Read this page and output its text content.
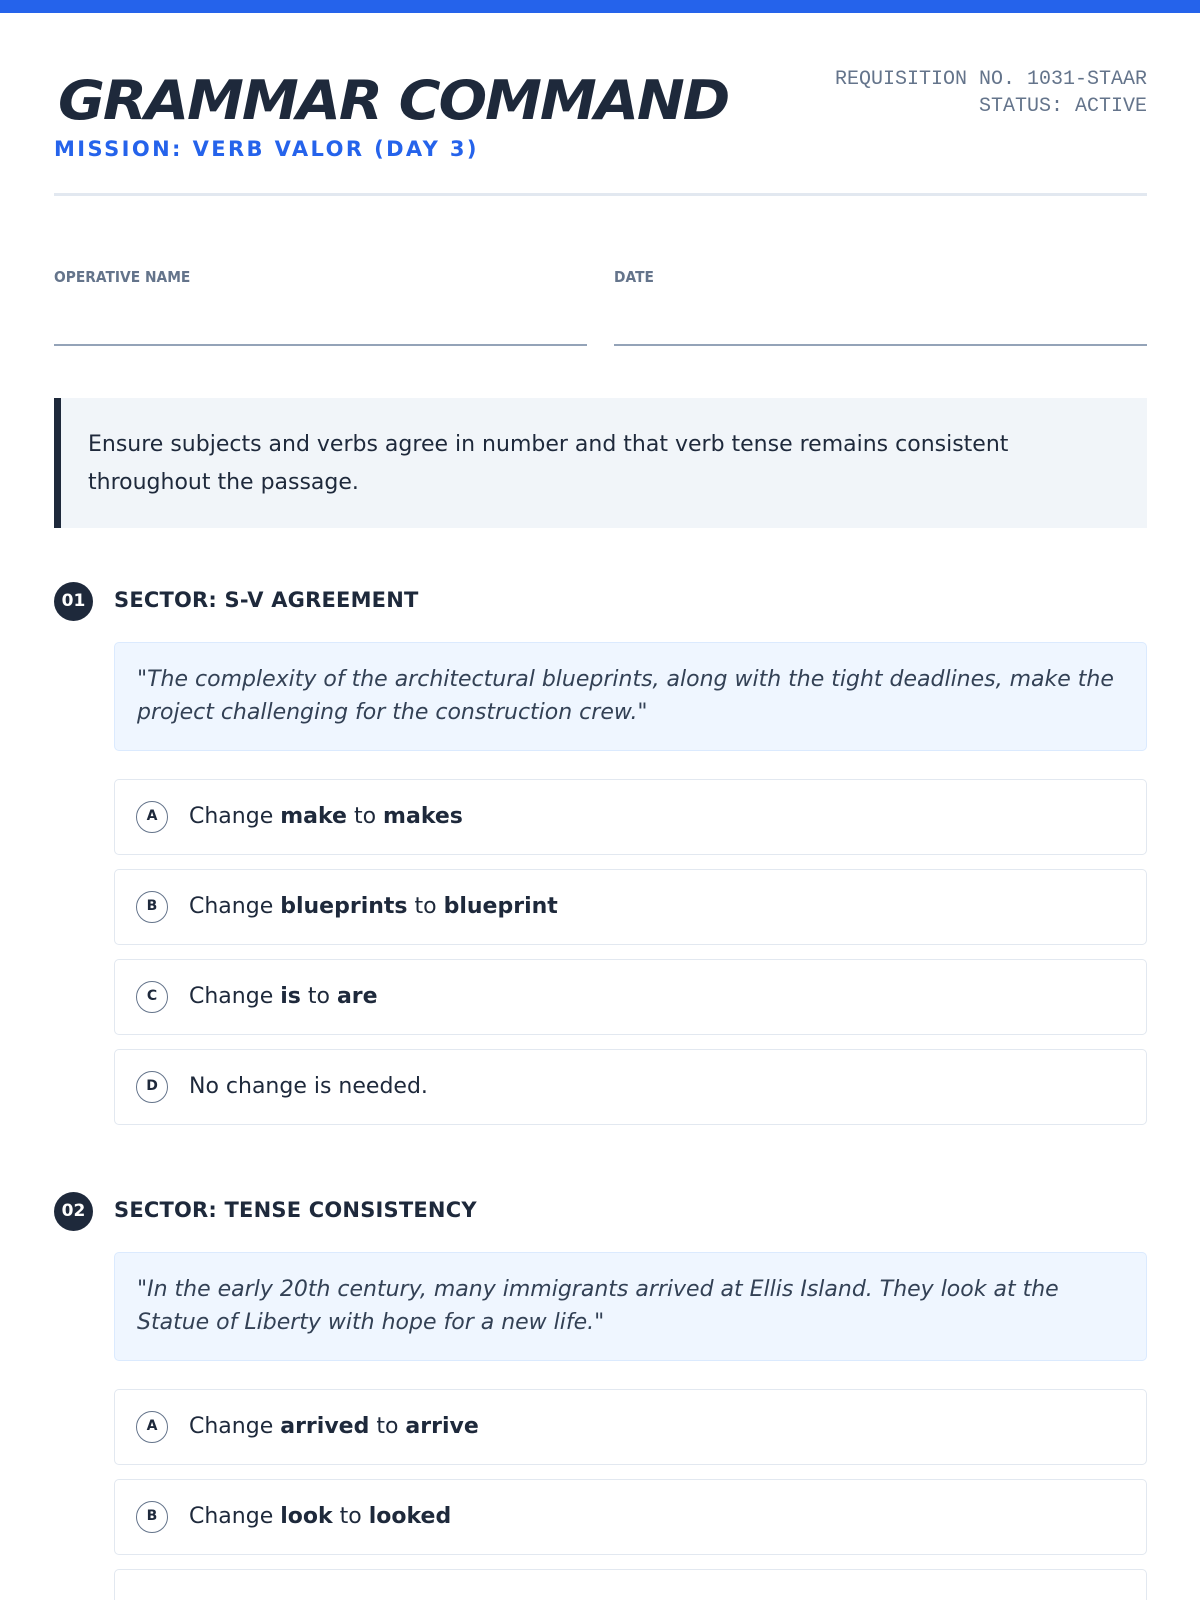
GRAMMAR COMMAND
MISSION: VERB VALOR (DAY 3)
REQUISITION NO. 1031-STAAR
STATUS: ACTIVE
OPERATIVE NAME	DATE
Ensure subjects and verbs agree in number and that verb tense remains consistent throughout the passage.
01	SECTOR: S-V AGREEMENT
"The complexity of the architectural blueprints, along with the tight deadlines, make the project challenging for the construction crew."
A	Change make to makes
B	Change blueprints to blueprint
C	Change is to are
D	No change is needed.
02	SECTOR: TENSE CONSISTENCY
"In the early 20th century, many immigrants arrived at Ellis Island. They look at the Statue of Liberty with hope for a new life."
A	Change arrived to arrive
B	Change look to looked
